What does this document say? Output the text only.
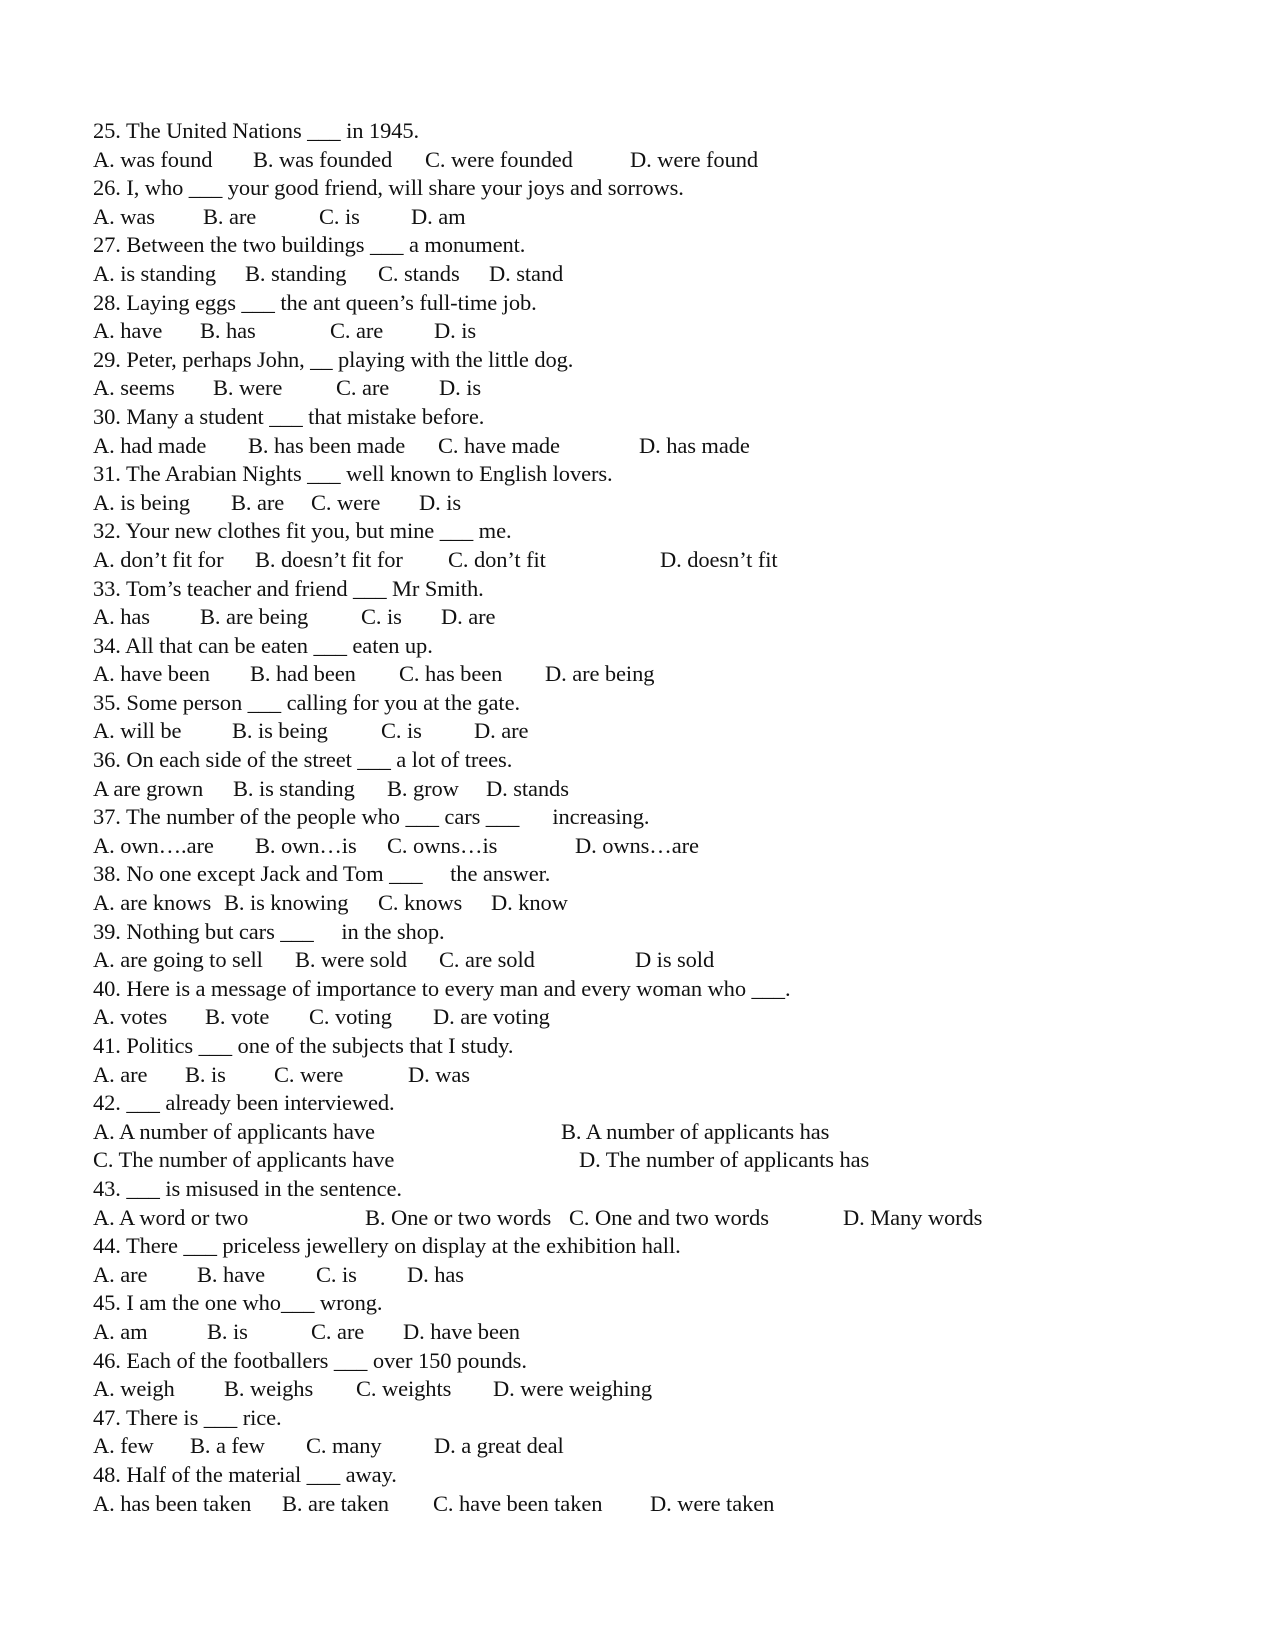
25. The United Nations ___ in 1945.
A. was found B. was founded C. were founded	D. were found
26. I, who ___ your good friend, will share your joys and sorrows.
A. was B. are	C. is D. am
27. Between the two buildings ___ a monument.
A. is standing B. standing C. stands D. stand
28. Laying eggs ___ the ant queen’s full-time job.
A. have B. has	C. are D. is
29. Peter, perhaps John, __ playing with the little dog.
A. seems B. were C. are D. is
30. Many a student ___ that mistake before.
A. had made B. has been made C. have made	D. has made
31. The Arabian Nights ___ well known to English lovers.
A. is being B. are C. were D. is
32. Your new clothes fit you, but mine ___ me.
A. don’t fit for B. doesn’t fit for C. don’t fit	D. doesn’t fit
33. Tom’s teacher and friend ___ Mr Smith.
A. has B. are being C. is D. are
34. All that can be eaten ___ eaten up.
A. have been B. had been C. has been D. are being
35. Some person ___ calling for you at the gate.
A. will be B. is being C. is D. are
36. On each side of the street ___ a lot of trees.
A are grown B. is standing B. grow D. stands
37. The number of the people who ___ cars ___      increasing.
A. own….are B. own…is C. owns…is	D. owns…are
38. No one except Jack and Tom ___     the answer.
A. are knows B. is knowing C. knows D. know
39. Nothing but cars ___     in the shop.
A. are going to sell B. were sold C. are sold	D is sold
40. Here is a message of importance to every man and every woman who ___.
A. votes B. vote C. voting D. are voting
41. Politics ___ one of the subjects that I study.
A. are B. is C. were	D. was
42. ___ already been interviewed.
A. A number of applicants have	B. A number of applicants has
C. The number of applicants have	D. The number of applicants has
43. ___ is misused in the sentence.
A. A word or two	B. One or two words C. One and two words	D. Many words
44. There ___ priceless jewellery on display at the exhibition hall.
A. are B. have C. is D. has
45. I am the one who___ wrong.
A. am	B. is	C. are D. have been
46. Each of the footballers ___ over 150 pounds.
A. weigh B. weighs C. weights D. were weighing
47. There is ___ rice.
A. few B. a few C. many D. a great deal
48. Half of the material ___ away.
A. has been taken B. are taken C. have been taken D. were taken
